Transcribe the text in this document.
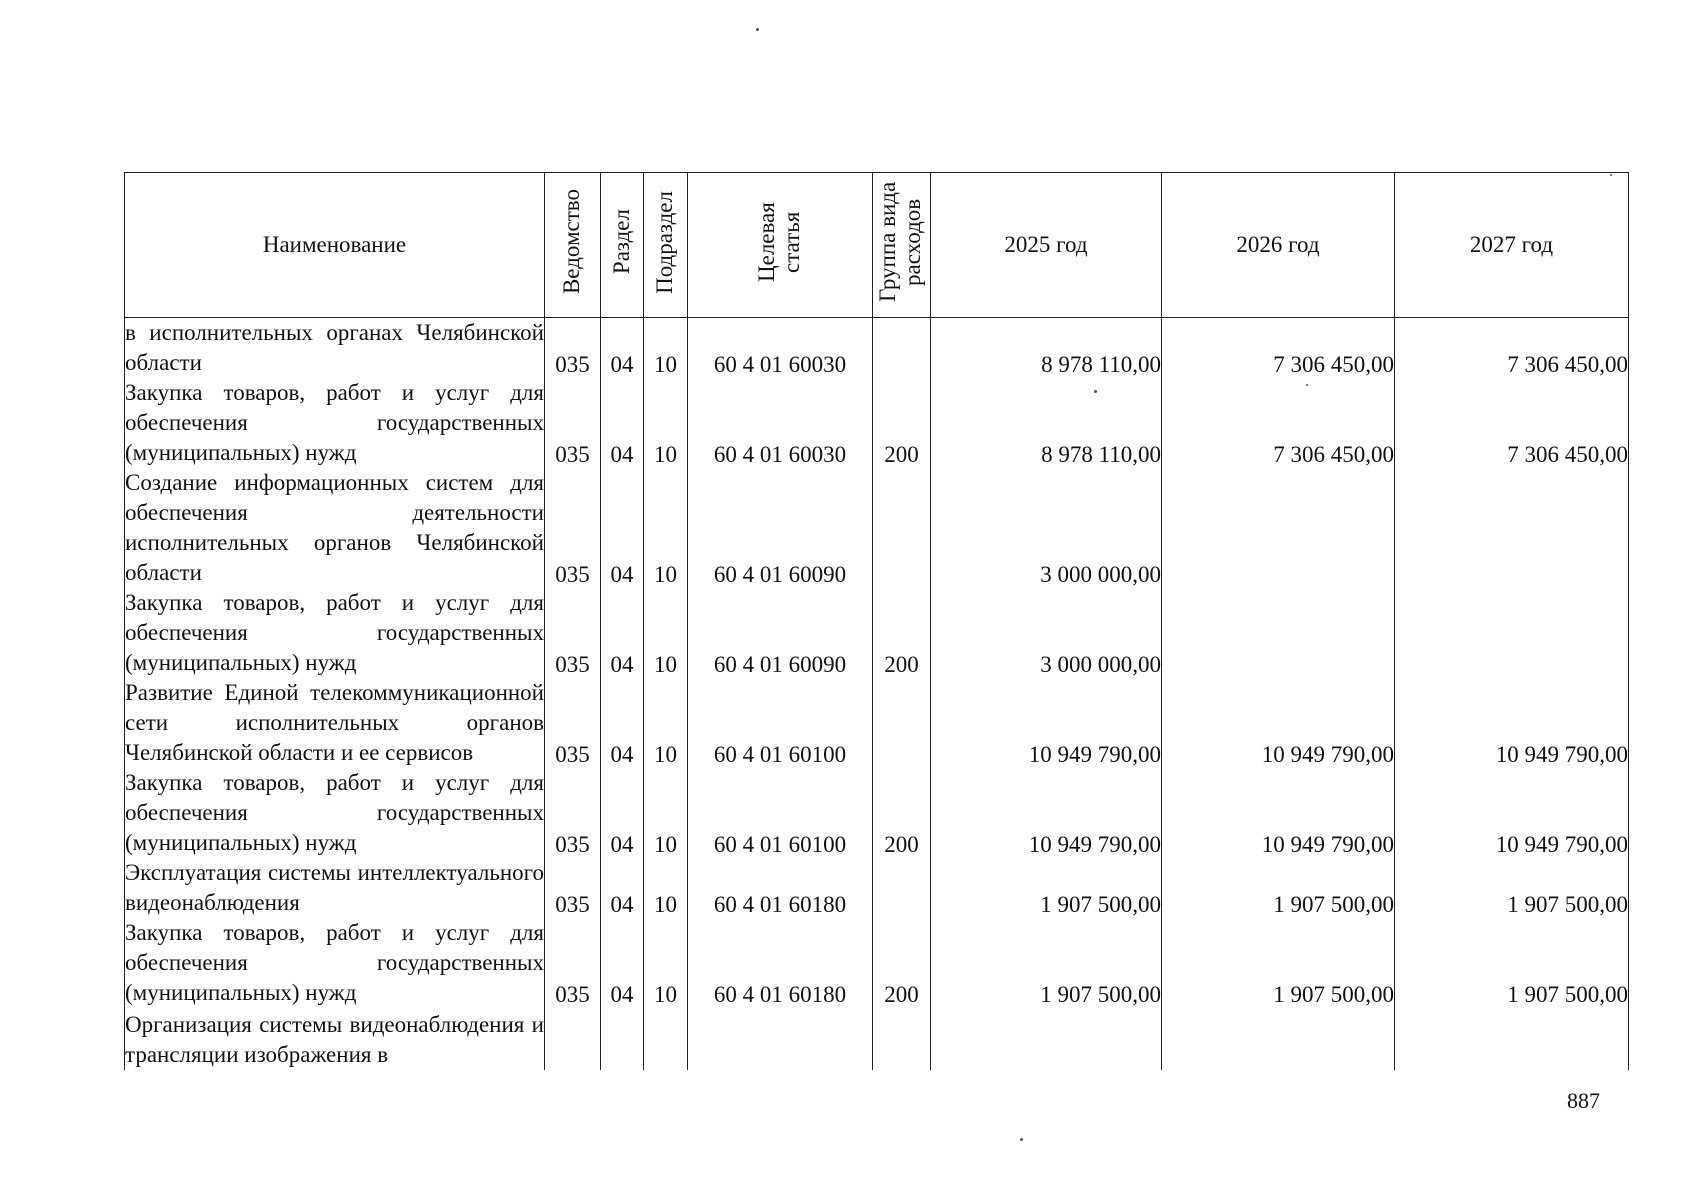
Наименование	Ведомство	Раздел	Подраздел	Целевая статья	Группа вида расходов	2025 год	2026 год	2027 год
в исполнительных органах Челябинской области	035	04	10	60 4 01 60030		8 978 110,00	7 306 450,00	7 306 450,00
Закупка товаров, работ и услуг для обеспечения государственных (муниципальных) нужд	035	04	10	60 4 01 60030	200	8 978 110,00	7 306 450,00	7 306 450,00
Создание информационных систем для обеспечения деятельности исполнительных органов Челябинской области	035	04	10	60 4 01 60090		3 000 000,00		
Закупка товаров, работ и услуг для обеспечения государственных (муниципальных) нужд	035	04	10	60 4 01 60090	200	3 000 000,00		
Развитие Единой телекоммуникационной сети исполнительных органов Челябинской области и ее сервисов	035	04	10	60 4 01 60100		10 949 790,00	10 949 790,00	10 949 790,00
Закупка товаров, работ и услуг для обеспечения государственных (муниципальных) нужд	035	04	10	60 4 01 60100	200	10 949 790,00	10 949 790,00	10 949 790,00
Эксплуатация системы интеллектуального видеонаблюдения	035	04	10	60 4 01 60180		1 907 500,00	1 907 500,00	1 907 500,00
Закупка товаров, работ и услуг для обеспечения государственных (муниципальных) нужд	035	04	10	60 4 01 60180	200	1 907 500,00	1 907 500,00	1 907 500,00
Организация системы видеонаблюдения и трансляции изображения в								
887
